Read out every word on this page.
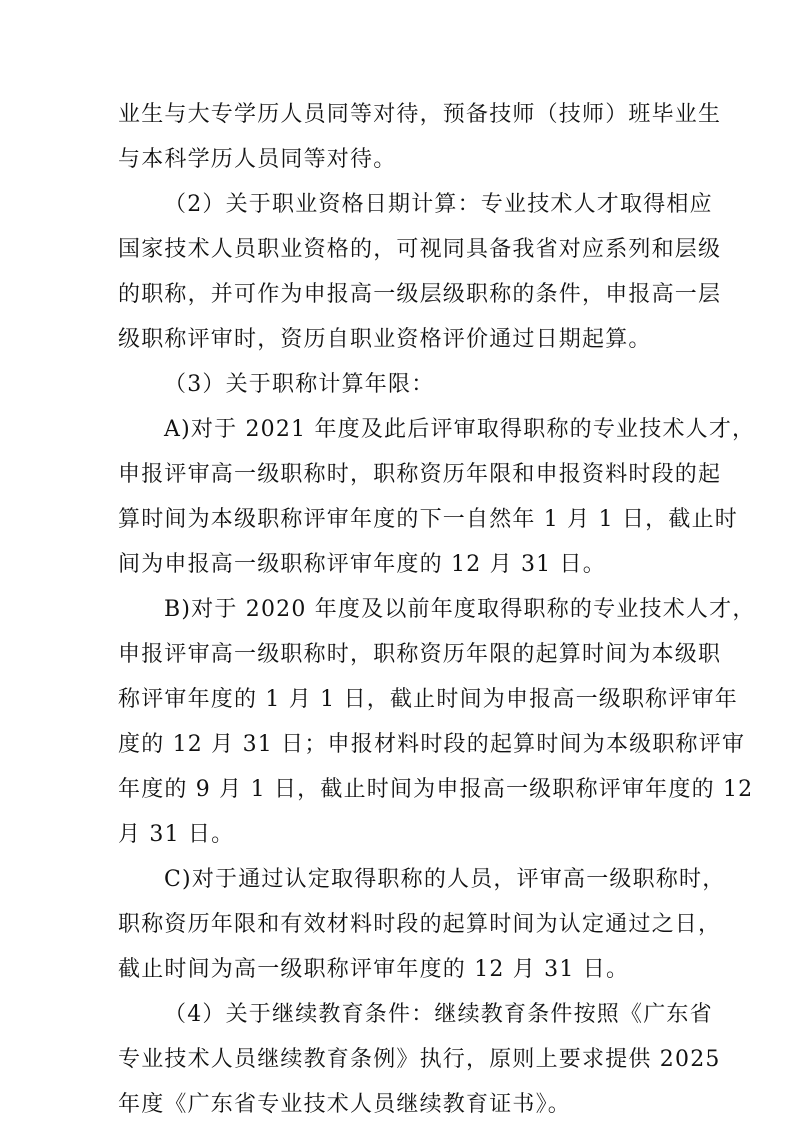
业生与大专学历人员同等对待，预备技师（技师）班毕业生
与本科学历人员同等对待。
（2）关于职业资格日期计算：专业技术人才取得相应
国家技术人员职业资格的，可视同具备我省对应系列和层级
的职称，并可作为申报高一级层级职称的条件，申报高一层
级职称评审时，资历自职业资格评价通过日期起算。
（3）关于职称计算年限：
A)对于 2021 年度及此后评审取得职称的专业技术人才，
申报评审高一级职称时，职称资历年限和申报资料时段的起
算时间为本级职称评审年度的下一自然年 1 月 1 日，截止时
间为申报高一级职称评审年度的 12 月 31 日。
B)对于 2020 年度及以前年度取得职称的专业技术人才，
申报评审高一级职称时，职称资历年限的起算时间为本级职
称评审年度的 1 月 1 日，截止时间为申报高一级职称评审年
度的 12 月 31 日；申报材料时段的起算时间为本级职称评审
年度的 9 月 1 日，截止时间为申报高一级职称评审年度的 12
月 31 日。
C)对于通过认定取得职称的人员，评审高一级职称时，
职称资历年限和有效材料时段的起算时间为认定通过之日，
截止时间为高一级职称评审年度的 12 月 31 日。
（4）关于继续教育条件：继续教育条件按照《广东省
专业技术人员继续教育条例》执行，原则上要求提供 2025
年度《广东省专业技术人员继续教育证书》。
